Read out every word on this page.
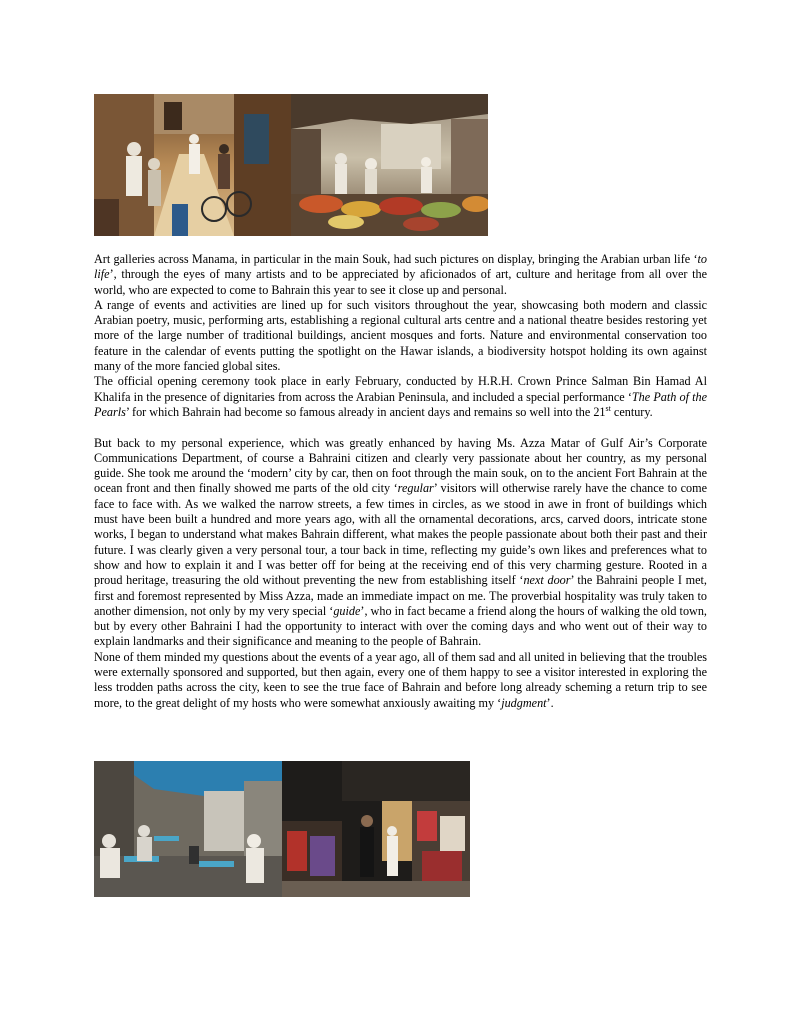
Art galleries across Manama, in particular in the main Souk, had such pictures on display, bringing the Arabian urban life ‘to life’, through the eyes of many artists and to be appreciated by aficionados of art, culture and heritage from all over the world, who are expected to come to Bahrain this year to see it close up and personal.

A range of events and activities are lined up for such visitors throughout the year, showcasing both modern and classic Arabian poetry, music, performing arts, establishing a regional cultural arts centre and a national theatre besides restoring yet more of the large number of traditional buildings, ancient mosques and forts. Nature and environmental conservation too feature in the calendar of events putting the spotlight on the Hawar islands, a biodiversity hotspot holding its own against many of the more fancied global sites.

The official opening ceremony took place in early February, conducted by H.R.H. Crown Prince Salman Bin Hamad Al Khalifa in the presence of dignitaries from across the Arabian Peninsula, and included a special performance ‘The Path of the Pearls’ for which Bahrain had become so famous already in ancient days and remains so well into the 21st century.

But back to my personal experience, which was greatly enhanced by having Ms. Azza Matar of Gulf Air’s Corporate Communications Department, of course a Bahraini citizen and clearly very passionate about her country, as my personal guide. She took me around the ‘modern’ city by car, then on foot through the main souk, on to the ancient Fort Bahrain at the ocean front and then finally showed me parts of the old city ‘regular’ visitors will otherwise rarely have the chance to come face to face with. As we walked the narrow streets, a few times in circles, as we stood in awe in front of buildings which must have been built a hundred and more years ago, with all the ornamental decorations, arcs, carved doors, intricate stone works, I began to understand what makes Bahrain different, what makes the people passionate about both their past and their future. I was clearly given a very personal tour, a tour back in time, reflecting my guide’s own likes and preferences what to show and how to explain it and I was better off for being at the receiving end of this very charming gesture. Rooted in a proud heritage, treasuring the old without preventing the new from establishing itself ‘next door’ the Bahraini people I met, first and foremost represented by Miss Azza, made an immediate impact on me. The proverbial hospitality was truly taken to another dimension, not only by my very special ‘guide’, who in fact became a friend along the hours of walking the old town, but by every other Bahraini I had the opportunity to interact with over the coming days and who went out of their way to explain landmarks and their significance and meaning to the people of Bahrain.

None of them minded my questions about the events of a year ago, all of them sad and all united in believing that the troubles were externally sponsored and supported, but then again, every one of them happy to see a visitor interested in exploring the less trodden paths across the city, keen to see the true face of Bahrain and before long already scheming a return trip to see more, to the great delight of my hosts who were somewhat anxiously awaiting my ‘judgment’.
